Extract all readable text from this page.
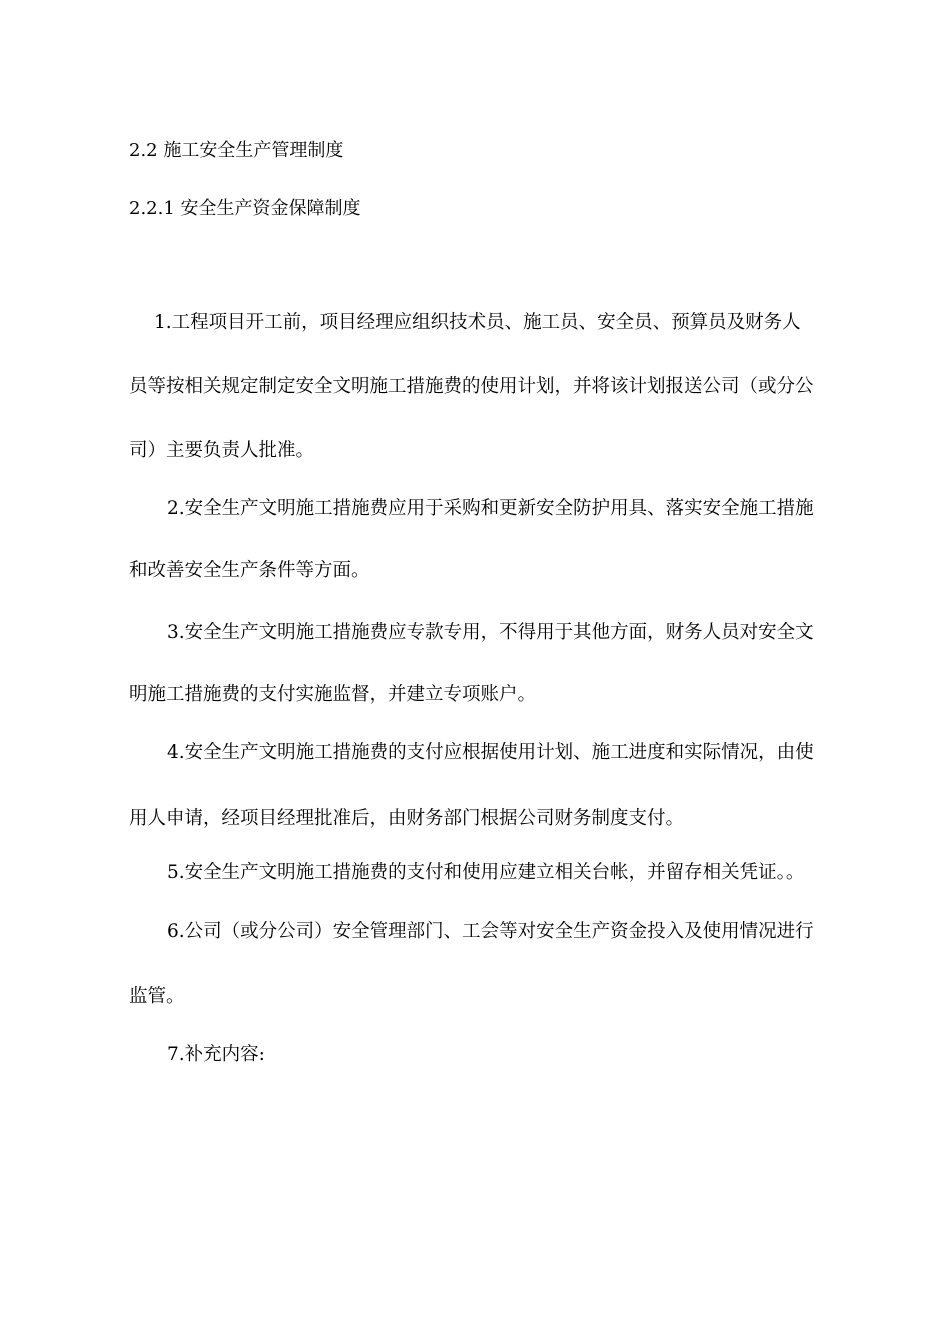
2.2 施工安全生产管理制度
2.2.1 安全生产资金保障制度
1.工程项目开工前，项目经理应组织技术员、施工员、安全员、预算员及财务人
员等按相关规定制定安全文明施工措施费的使用计划，并将该计划报送公司（或分公
司）主要负责人批准。
2.安全生产文明施工措施费应用于采购和更新安全防护用具、落实安全施工措施
和改善安全生产条件等方面。
3.安全生产文明施工措施费应专款专用，不得用于其他方面，财务人员对安全文
明施工措施费的支付实施监督，并建立专项账户。
4.安全生产文明施工措施费的支付应根据使用计划、施工进度和实际情况，由使
用人申请，经项目经理批准后，由财务部门根据公司财务制度支付。
5.安全生产文明施工措施费的支付和使用应建立相关台帐，并留存相关凭证。。
6.公司（或分公司）安全管理部门、工会等对安全生产资金投入及使用情况进行
监管。
7.补充内容:
